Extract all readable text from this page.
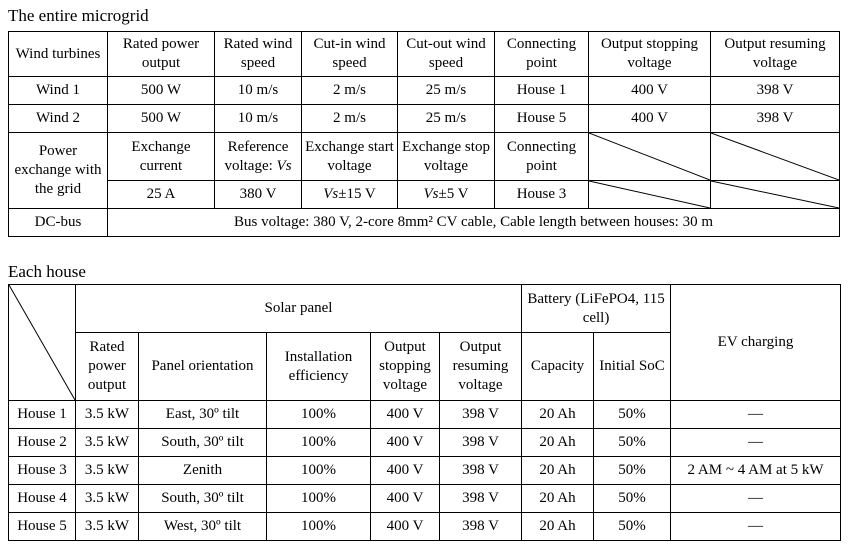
The entire microgrid
Wind turbines	Rated power output	Rated wind speed	Cut-in wind speed	Cut-out wind speed	Connecting point	Output stopping voltage	Output resuming voltage
Wind 1	500 W	10 m/s	2 m/s	25 m/s	House 1	400 V	398 V
Wind 2	500 W	10 m/s	2 m/s	25 m/s	House 5	400 V	398 V
Power exchange with the grid	Exchange current	Reference voltage: Vs	Exchange start voltage	Exchange stop voltage	Connecting point	

	25 A	380 V	Vs±15 V	Vs±5 V	House 3	

DC-bus	Bus voltage: 380 V, 2-core 8mm² CV cable, Cable length between houses: 30 m						
Each house
	Solar panel					Battery (LiFePO4, 115 cell)		EV charging
	Rated power output	Panel orientation	Installation efficiency	Output stopping voltage	Output resuming voltage	Capacity	Initial SoC	
House 1	3.5 kW	East, 30º tilt	100%	400 V	398 V	20 Ah	50%	—
House 2	3.5 kW	South, 30º tilt	100%	400 V	398 V	20 Ah	50%	—
House 3	3.5 kW	Zenith	100%	400 V	398 V	20 Ah	50%	2 AM ~ 4 AM at 5 kW
House 4	3.5 kW	South, 30º tilt	100%	400 V	398 V	20 Ah	50%	—
House 5	3.5 kW	West, 30º tilt	100%	400 V	398 V	20 Ah	50%	—
